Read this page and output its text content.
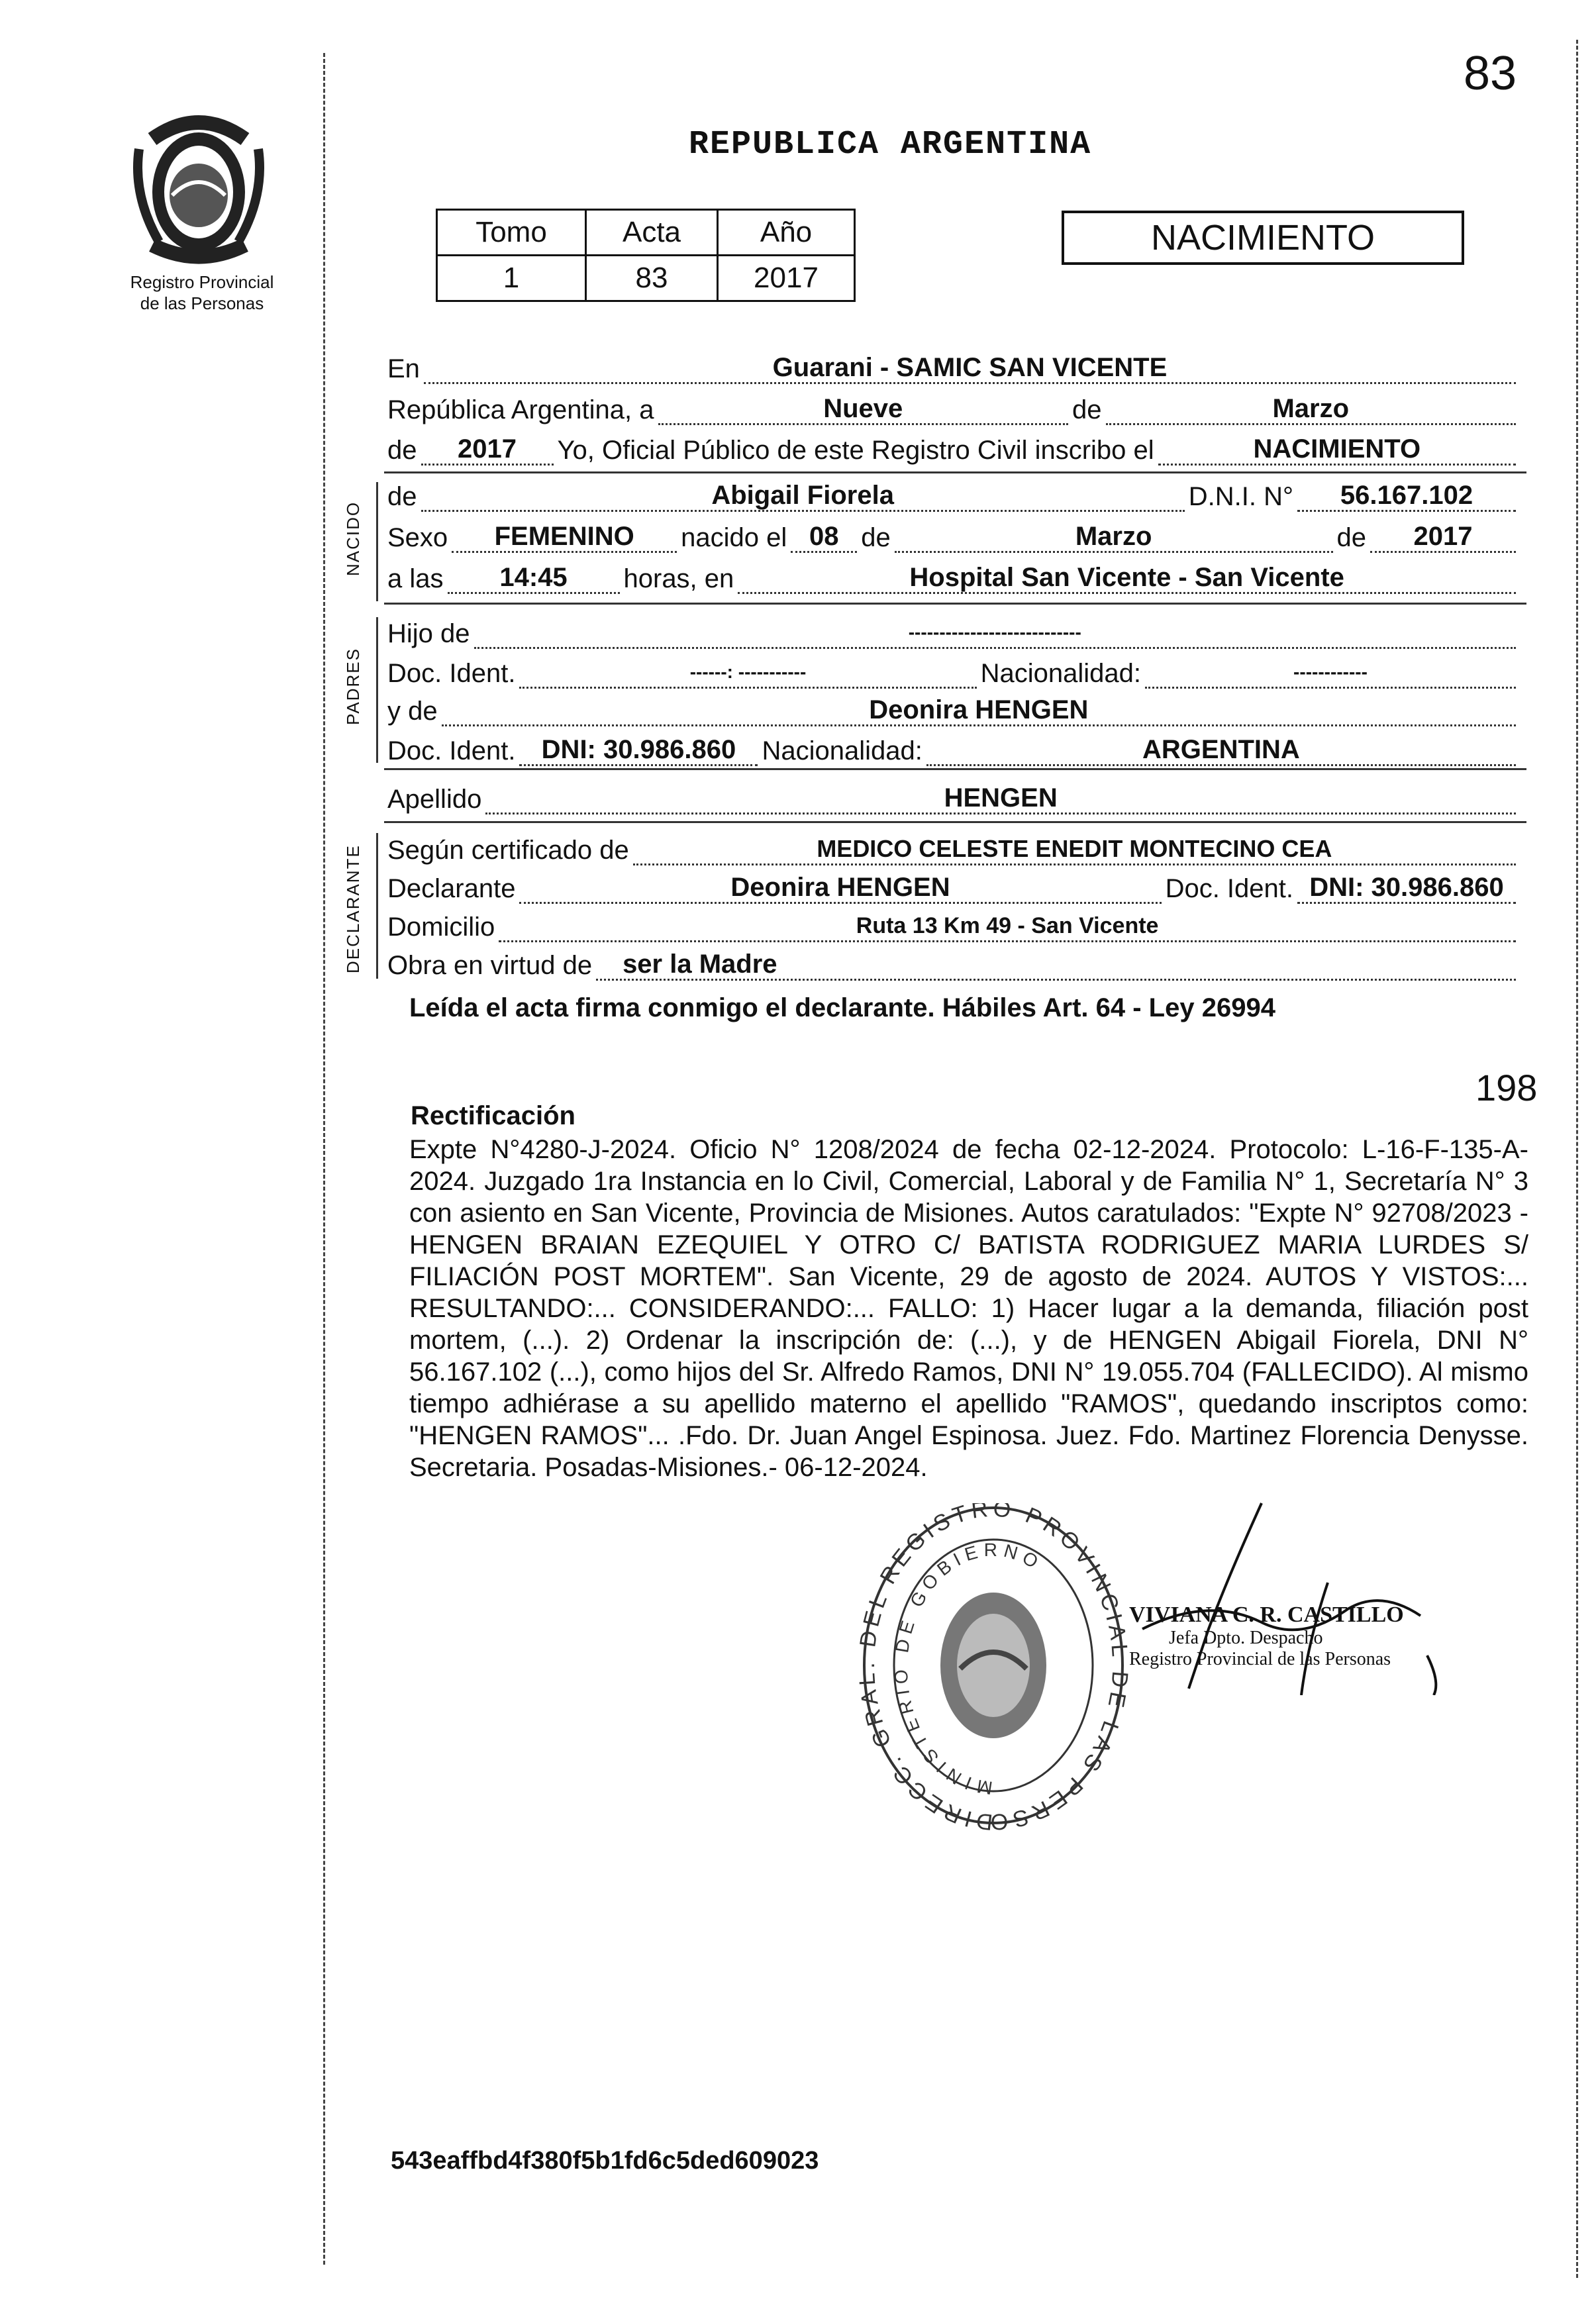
83
Registro Provincial
de las Personas
REPUBLICA ARGENTINA
Tomo	Acta	Año
1	83	2017
NACIMIENTO
En	Guarani - SAMIC SAN VICENTE
República Argentina, a	Nueve	de	Marzo
de	2017	Yo, Oficial Público de este Registro Civil inscribo el	NACIMIENTO
NACIDO
de	Abigail Fiorela	D.N.I. N°	56.167.102
Sexo	FEMENINO	nacido el 08 de	Marzo	de	2017
a las	14:45	horas, en	Hospital San Vicente - San Vicente
PADRES
Hijo de	----------------------------
Doc. Ident.	------: -----------	Nacionalidad:	------------
y de	Deonira HENGEN
Doc. Ident. DNI: 30.986.860 Nacionalidad:	ARGENTINA
Apellido	HENGEN
DECLARANTE Según certificado de	MEDICO CELESTE ENEDIT MONTECINO CEA
Declarante	Deonira HENGEN	Doc. Ident. DNI: 30.986.860
Domicilio	Ruta 13 Km 49 - San Vicente
Obra en virtud de	ser la Madre
Leída el acta firma conmigo el declarante. Hábiles Art. 64 - Ley 26994
198
Rectificación

Expte N°4280-J-2024. Oficio N° 1208/2024 de fecha 02-12-2024. Protocolo: L-16-F-135-A-2024. Juzgado 1ra Instancia en lo Civil, Comercial, Laboral y de Familia N° 1, Secretaría N° 3 con asiento en San Vicente, Provincia de Misiones. Autos caratulados: "Expte N° 92708/2023 - HENGEN BRAIAN EZEQUIEL Y OTRO C/ BATISTA RODRIGUEZ MARIA LURDES S/ FILIACIÓN POST MORTEM". San Vicente, 29 de agosto de 2024. AUTOS Y VISTOS:... RESULTANDO:... CONSIDERANDO:... FALLO: 1) Hacer lugar a la demanda, filiación post mortem, (...). 2) Ordenar la inscripción de: (...), y de HENGEN Abigail Fiorela, DNI N° 56.167.102 (...), como hijos del Sr. Alfredo Ramos, DNI N° 19.055.704 (FALLECIDO). Al mismo tiempo adhiérase a su apellido materno el apellido "RAMOS", quedando inscriptos como: "HENGEN RAMOS"... .Fdo. Dr. Juan Angel Espinosa. Juez. Fdo. Martinez Florencia Denysse. Secretaria. Posadas-Misiones.- 06-12-2024.

DIRECC. GRAL. DEL REGISTRO PROVINCIAL DE LAS PERSO
MINISTERIO DE GOBIERNO
VIVIANA C. R. CASTILLO
Jefa Dpto. Despacho
Registro Provincial de las Personas
543eaffbd4f380f5b1fd6c5ded609023
